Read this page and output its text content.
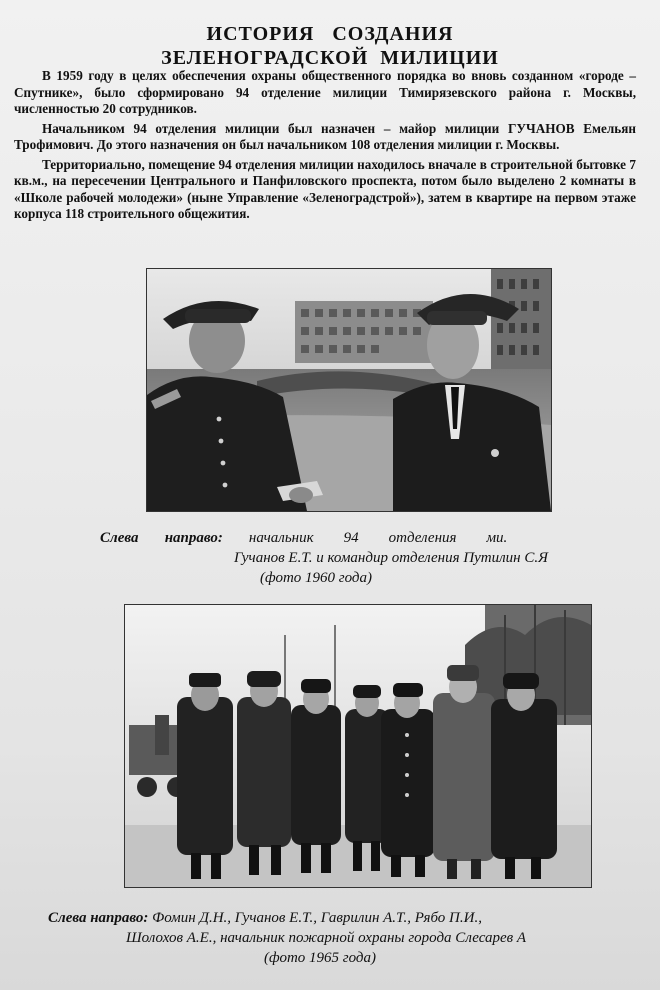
ИСТОРИЯ   СОЗДАНИЯ
ЗЕЛЕНОГРАДСКОЙ  МИЛИЦИИ

В 1959 году в целях обеспечения охраны общественного порядка во вновь созданном «городе – Спутнике», было сформировано 94 отделение милиции Тимирязевского района г. Москвы, численностью 20 сотрудников.

Начальником 94 отделения милиции был назначен – майор милиции ГУЧАНОВ Емельян Трофимович. До этого назначения он был начальником 108 отделения милиции г. Москвы.

Территориально, помещение 94 отделения милиции находилось вначале в строительной бытовке 7 кв.м., на пересечении Центрального и Панфиловского проспекта, потом было выделено 2 комнаты в «Школе рабочей молодежи» (ныне Управление «Зеленоградстрой»), затем в квартире на первом этаже корпуса 118 строительного общежития.

Слева       направо: начальник        94        отделения        ми.
Гучанов Е.Т. и командир отделения Путилин С.Я
(фото 1960 года)
Слева направо: Фомин Д.Н., Гучанов Е.Т., Гаврилин А.Т., Рябо П.И.,
Шолохов А.Е., начальник пожарной охраны города Слесарев А
(фото 1965 года)
